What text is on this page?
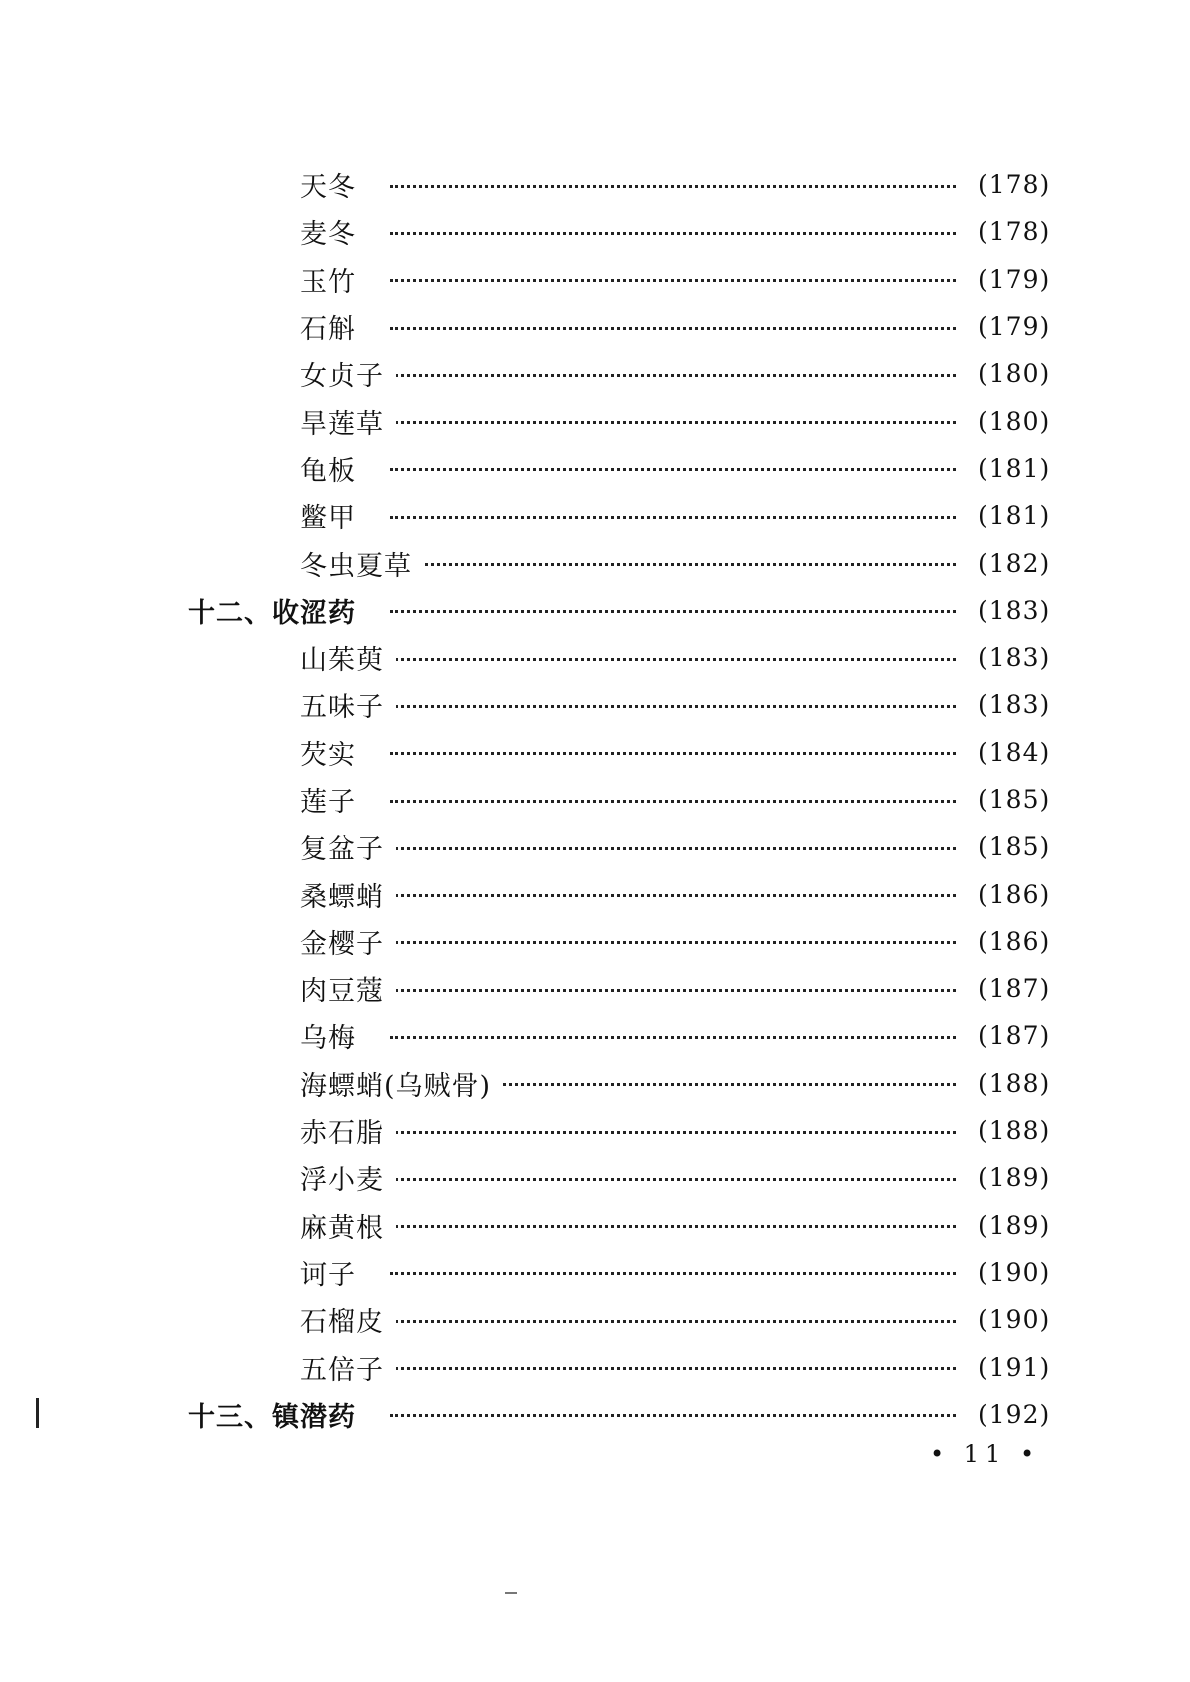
天冬	(178)
麦冬	(178)
玉竹	(179)
石斛	(179)
女贞子	(180)
旱莲草	(180)
龟板	(181)
鳖甲	(181)
冬虫夏草	(182)
十二、收涩药	(183)
山茱萸	(183)
五味子	(183)
芡实	(184)
莲子	(185)
复盆子	(185)
桑螵蛸	(186)
金樱子	(186)
肉豆蔻	(187)
乌梅	(187)
海螵蛸(乌贼骨)	(188)
赤石脂	(188)
浮小麦	(189)
麻黄根	(189)
诃子	(190)
石榴皮	(190)
五倍子	(191)
十三、镇潜药	(192)
• 11 •
